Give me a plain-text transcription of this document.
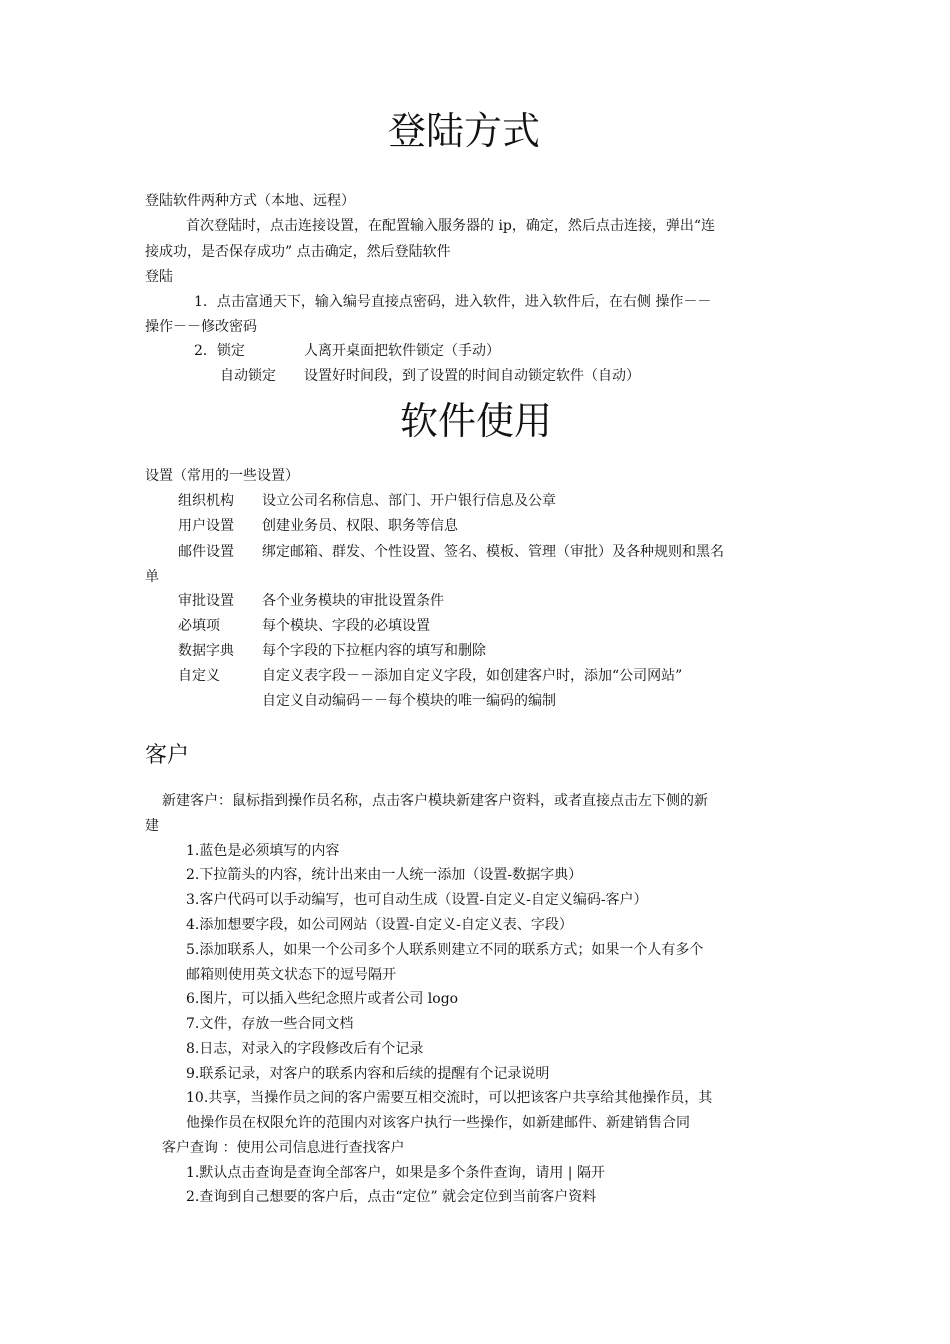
登陆方式
登陆软件两种方式（本地、远程）
首次登陆时，点击连接设置，在配置输入服务器的 ip，确定，然后点击连接，弹出“连
接成功，是否保存成功” 点击确定，然后登陆软件
登陆
1．点击富通天下，输入编号直接点密码，进入软件，进入软件后，在右侧 操作－－
操作－－修改密码
2．锁定	人离开桌面把软件锁定（手动）
自动锁定 设置好时间段，到了设置的时间自动锁定软件（自动）
软件使用
设置（常用的一些设置）
组织机构 设立公司名称信息、部门、开户银行信息及公章
用户设置 创建业务员、权限、职务等信息
邮件设置 绑定邮箱、群发、个性设置、签名、模板、管理（审批）及各种规则和黑名
单
审批设置 各个业务模块的审批设置条件
必填项	每个模块、字段的必填设置
数据字典 每个字段的下拉框内容的填写和删除
自定义	自定义表字段－－添加自定义字段，如创建客户时，添加“公司网站”
自定义自动编码－－每个模块的唯一编码的编制
客户
新建客户：鼠标指到操作员名称，点击客户模块新建客户资料，或者直接点击左下侧的新
建
1.蓝色是必须填写的内容
2.下拉箭头的内容，统计出来由一人统一添加（设置-数据字典）
3.客户代码可以手动编写，也可自动生成（设置-自定义-自定义编码-客户）
4.添加想要字段，如公司网站（设置-自定义-自定义表、字段）
5.添加联系人，如果一个公司多个人联系则建立不同的联系方式；如果一个人有多个
邮箱则使用英文状态下的逗号隔开
6.图片，可以插入些纪念照片或者公司 logo
7.文件，存放一些合同文档
8.日志，对录入的字段修改后有个记录
9.联系记录，对客户的联系内容和后续的提醒有个记录说明
10.共享，当操作员之间的客户需要互相交流时，可以把该客户共享给其他操作员，其
他操作员在权限允许的范围内对该客户执行一些操作，如新建邮件、新建销售合同
客户查询 ：使用公司信息进行查找客户
1.默认点击查询是查询全部客户，如果是多个条件查询，请用 | 隔开
2.查询到自己想要的客户后，点击“定位” 就会定位到当前客户资料
